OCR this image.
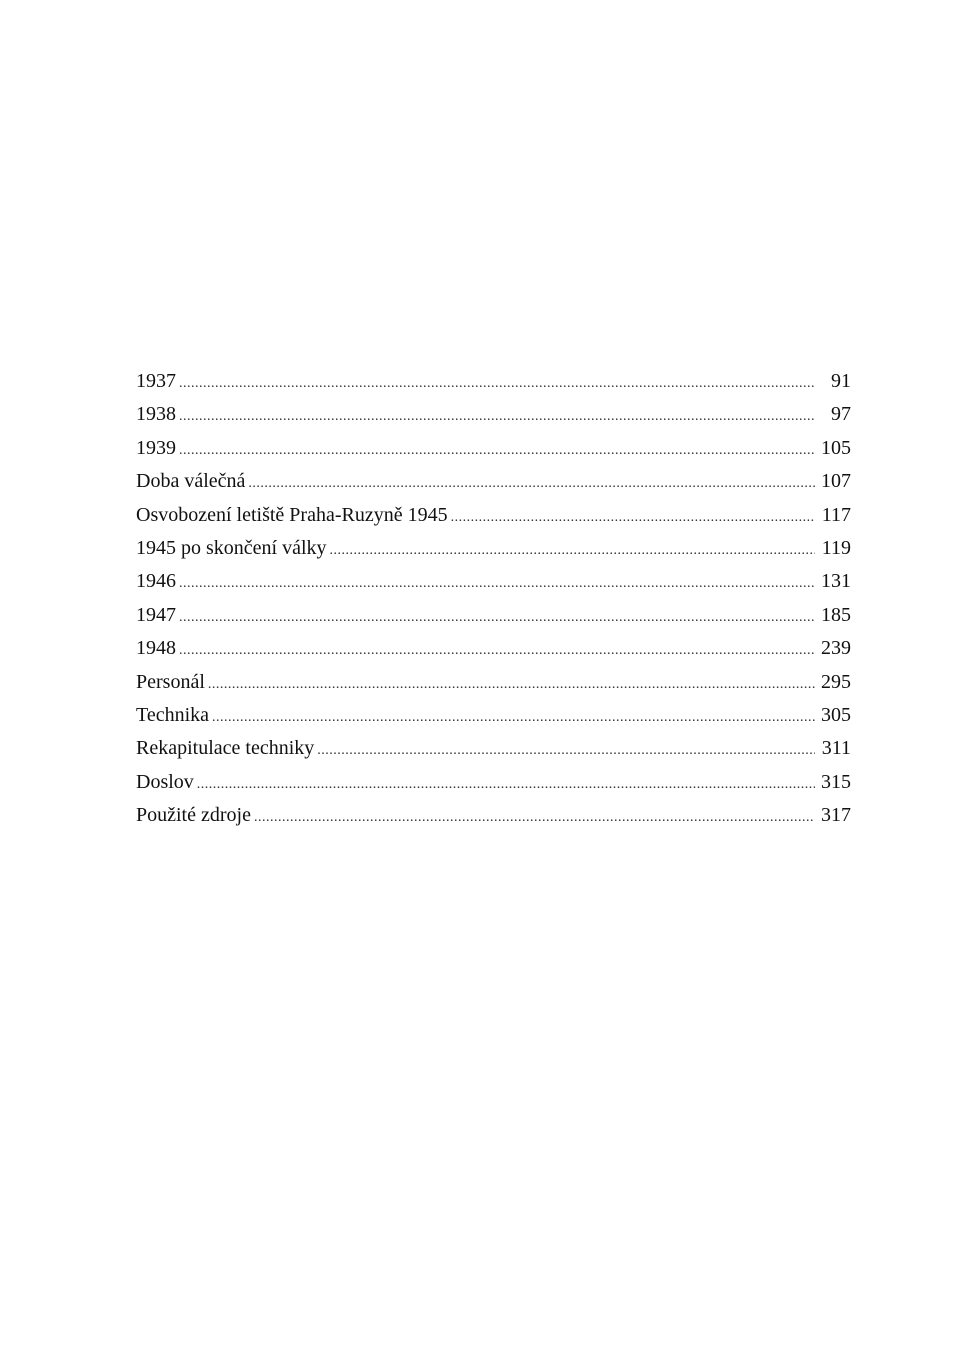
1937 .....	91
1938 .....	97
1939 .....	105
Doba válečná .....	107
Osvobození letiště Praha-Ruzyně 1945 .....	117
1945 po skončení války .....	119
1946 .....	131
1947 .....	185
1948 .....	239
Personál .....	295
Technika .....	305
Rekapitulace techniky .....	311
Doslov .....	315
Použité zdroje .....	317
